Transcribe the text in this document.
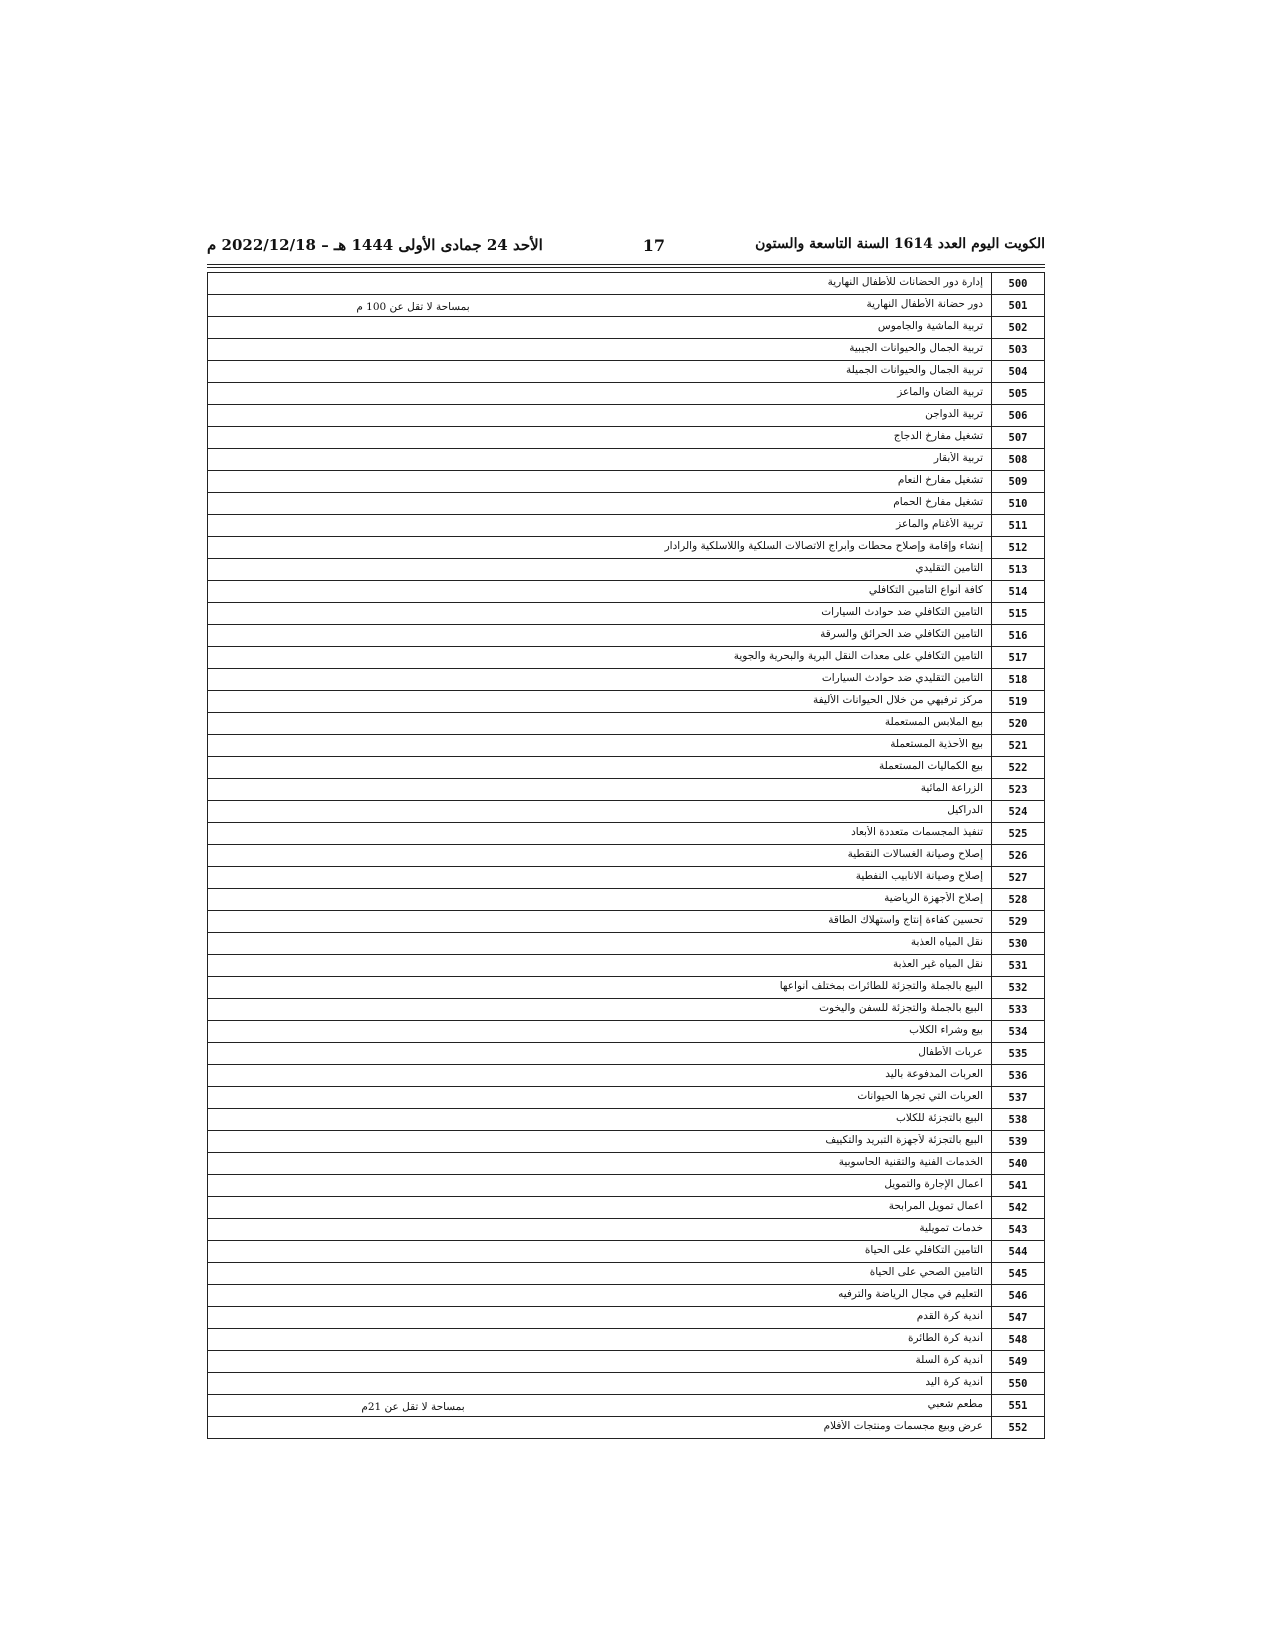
الكويت اليوم العدد 1614 السنة التاسعة والستون
17
الأحد 24 جمادى الأولى 1444 هـ – 2022/12/18 م
500	إدارة دور الحضانات للأطفال النهارية
501	دور حضانة الأطفال النهاريةبمساحة لا تقل عن 100 م
502	تربية الماشية والجاموس
503	تربية الجمال والحيوانات الجيبية
504	تربية الجمال والحيوانات الجميلة
505	تربية الضأن والماعز
506	تربية الدواجن
507	تشغيل مفارخ الدجاج
508	تربية الأبقار
509	تشغيل مفارخ النعام
510	تشغيل مفارخ الحمام
511	تربية الأغنام والماعز
512	إنشاء وإقامة وإصلاح محطات وأبراج الاتصالات السلكية واللاسلكية والرادار
513	التأمين التقليدي
514	كافة أنواع التأمين التكافلي
515	التأمين التكافلي ضد حوادث السيارات
516	التأمين التكافلي ضد الحرائق والسرقة
517	التأمين التكافلي على معدات النقل البرية والبحرية والجوية
518	التأمين التقليدي ضد حوادث السيارات
519	مركز ترفيهي من خلال الحيوانات الأليفة
520	بيع الملابس المستعملة
521	بيع الأحذية المستعملة
522	بيع الكماليات المستعملة
523	الزراعة المائية
524	الدراكيل
525	تنفيذ المجسمات متعددة الأبعاد
526	إصلاح وصيانة الغسالات النقطية
527	إصلاح وصيانة الانابيب النفطية
528	إصلاح الأجهزة الرياضية
529	تحسين كفاءة إنتاج واستهلاك الطاقة
530	نقل المياه العذبة
531	نقل المياه غير العذبة
532	البيع بالجملة والتجزئة للطائرات بمختلف أنواعها
533	البيع بالجملة والتجزئة للسفن واليخوت
534	بيع وشراء الكلاب
535	عربات الأطفال
536	العربات المدفوعة باليد
537	العربات التي تجرها الحيوانات
538	البيع بالتجزئة للكلاب
539	البيع بالتجزئة لأجهزة التبريد والتكييف
540	الخدمات الفنية والتقنية الحاسوبية
541	أعمال الإجارة والتمويل
542	أعمال تمويل المرابحة
543	خدمات تمويلية
544	التأمين التكافلي على الحياة
545	التأمين الصحي على الحياة
546	التعليم في مجال الرياضة والترفيه
547	أندية كرة القدم
548	أندية كرة الطائرة
549	أندية كرة السلة
550	أندية كرة اليد
551	مطعم شعبيبمساحة لا تقل عن 21م
552	عرض وبيع مجسمات ومنتجات الأفلام
